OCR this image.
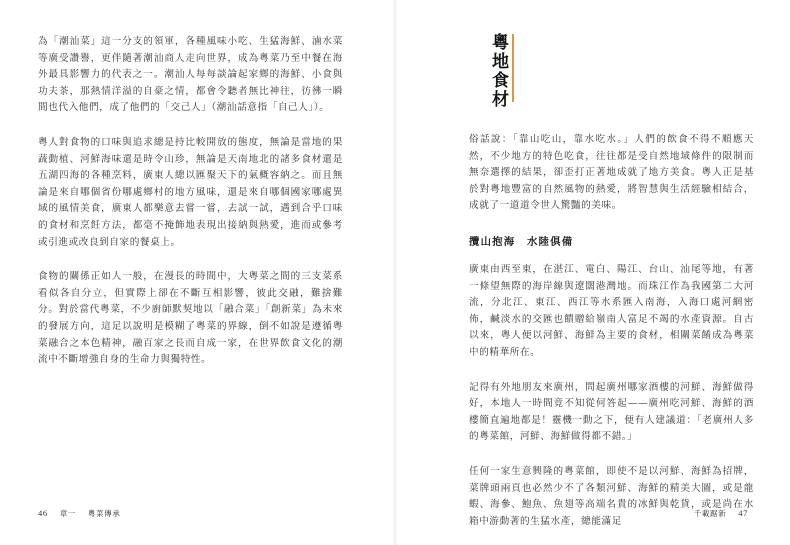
為「潮汕菜」這一分支的領軍，各種風味小吃、生猛海鮮、滷水菜等廣受讚譽，更伴隨著潮汕商人走向世界，成為粵菜乃至中餐在海外最具影響力的代表之一。潮汕人每每談論起家鄉的海鮮、小食與功夫茶，那熱情洋溢的自豪之情，都會令聽者無比神往，彷彿一瞬間也代入他們，成了他們的「交己人」（潮汕話意指「自己人」）。

粵人對食物的口味與追求總是持比較開放的態度，無論是當地的果蔬動植、河鮮海味還是時令山珍，無論是天南地北的諸多食材還是五湖四海的各種烹料，廣東人總以匯聚天下的氣概容納之。而且無論是來自哪個省份哪處鄉村的地方風味，還是來自哪個國家哪處異域的風情美食，廣東人都樂意去嘗一嘗，去試一試，遇到合乎口味的食材和烹飪方法，都毫不掩飾地表現出接納與熱愛，進而或參考或引進或改良到自家的餐桌上。

食物的關係正如人一般，在漫長的時間中，大粵菜之間的三支菜系看似各自分立，但實際上卻在不斷互相影響，彼此交融，難捨難分。對於當代粵菜，不少廚師默契地以「融合菜」「創新菜」為未來的發展方向，這足以說明是模糊了粵菜的界線，倒不如說是遵循粵菜融合之本色精神，融百家之長而自成一家，在世界飲食文化的潮流中不斷增強自身的生命力與獨特性。

46 章一 粵菜傳承
粵地食材

俗話說：「靠山吃山，靠水吃水。」人們的飲食不得不順應天然，不少地方的特色吃食，往往都是受自然地域條件的限制而無奈選擇的結果，卻歪打正著地成就了地方美食。粵人正是基於對粵地豐富的自然風物的熱愛，將智慧與生活經驗相結合，成就了一道道令世人驚豔的美味。

攬山抱海　水陸俱備

廣東由西至東，在湛江、電白、陽江、台山、汕尾等地，有著一條望無際的海岸線與遼闊港灣地。而珠江作為我國第二大河流，分北江、東江、西江等水系匯入南海，入海口處河網密佈，鹹淡水的交匯也饋贈給嶺南人富足不竭的水產資源。自古以來，粵人便以河鮮、海鮮為主要的食材，相關菜餚成為粵菜中的精華所在。

記得有外地朋友來廣州，問起廣州哪家酒樓的河鮮、海鮮做得好，本地人一時間竟不知從何答起——廣州吃河鮮、海鮮的酒樓簡直遍地都是！靈機一動之下，便有人建議道：「老廣州人多的粵菜館，河鮮、海鮮做得都不錯。」

任何一家生意興隆的粵菜館，即使不是以河鮮、海鮮為招牌，菜牌頭兩頁也必然少不了各類河鮮、海鮮的精美大圖，或是龍蝦、海參、鮑魚、魚翅等高端名貴的冰鮮與乾貨，或是尚在水箱中游動著的生猛水產，總能滿足

千載踞新 47
